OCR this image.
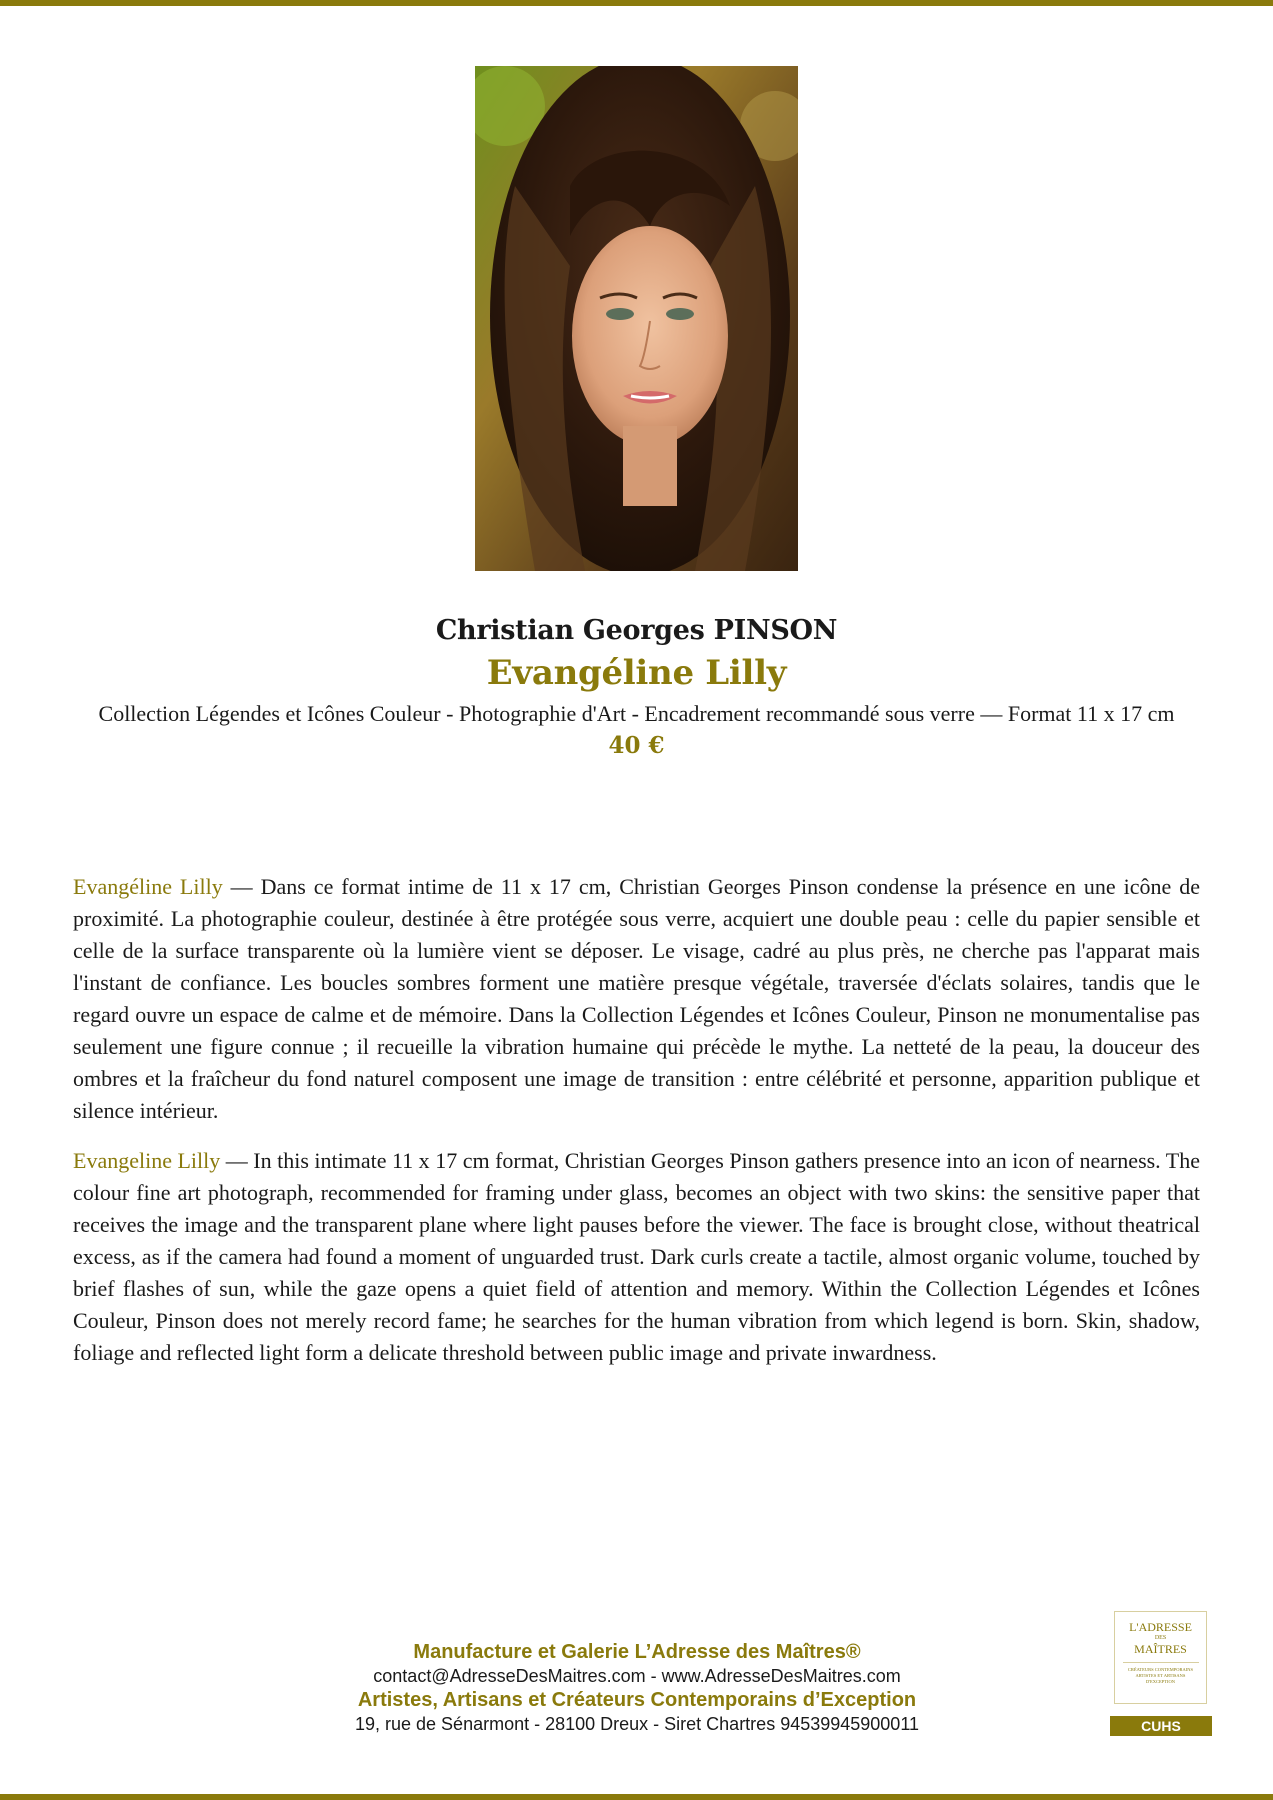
Christian Georges PINSON
Evangéline Lilly
Collection Légendes et Icônes Couleur - Photographie d'Art - Encadrement recommandé sous verre — Format 11 x 17 cm
40 €

Evangéline Lilly — Dans ce format intime de 11 x 17 cm, Christian Georges Pinson condense la présence en une icône de proximité. La photographie couleur, destinée à être protégée sous verre, acquiert une double peau : celle du papier sensible et celle de la surface transparente où la lumière vient se déposer. Le visage, cadré au plus près, ne cherche pas l'apparat mais l'instant de confiance. Les boucles sombres forment une matière presque végétale, traversée d'éclats solaires, tandis que le regard ouvre un espace de calme et de mémoire. Dans la Collection Légendes et Icônes Couleur, Pinson ne monumentalise pas seulement une figure connue ; il recueille la vibration humaine qui précède le mythe. La netteté de la peau, la douceur des ombres et la fraîcheur du fond naturel composent une image de transition : entre célébrité et personne, apparition publique et silence intérieur.

Evangeline Lilly — In this intimate 11 x 17 cm format, Christian Georges Pinson gathers presence into an icon of nearness. The colour fine art photograph, recommended for framing under glass, becomes an object with two skins: the sensitive paper that receives the image and the transparent plane where light pauses before the viewer. The face is brought close, without theatrical excess, as if the camera had found a moment of unguarded trust. Dark curls create a tactile, almost organic volume, touched by brief flashes of sun, while the gaze opens a quiet field of attention and memory. Within the Collection Légendes et Icônes Couleur, Pinson does not merely record fame; he searches for the human vibration from which legend is born. Skin, shadow, foliage and reflected light form a delicate threshold between public image and private inwardness.

Manufacture et Galerie L’Adresse des Maîtres®
contact@AdresseDesMaitres.com - www.AdresseDesMaitres.com
Artistes, Artisans et Créateurs Contemporains d’Exception
19, rue de Sénarmont - 28100 Dreux - Siret Chartres 94539945900011
L'ADRESSE
DES
MAÎTRES
CRÉATEURS CONTEMPORAINS ARTISTES ET ARTISANS D'EXCEPTION
CUHS
